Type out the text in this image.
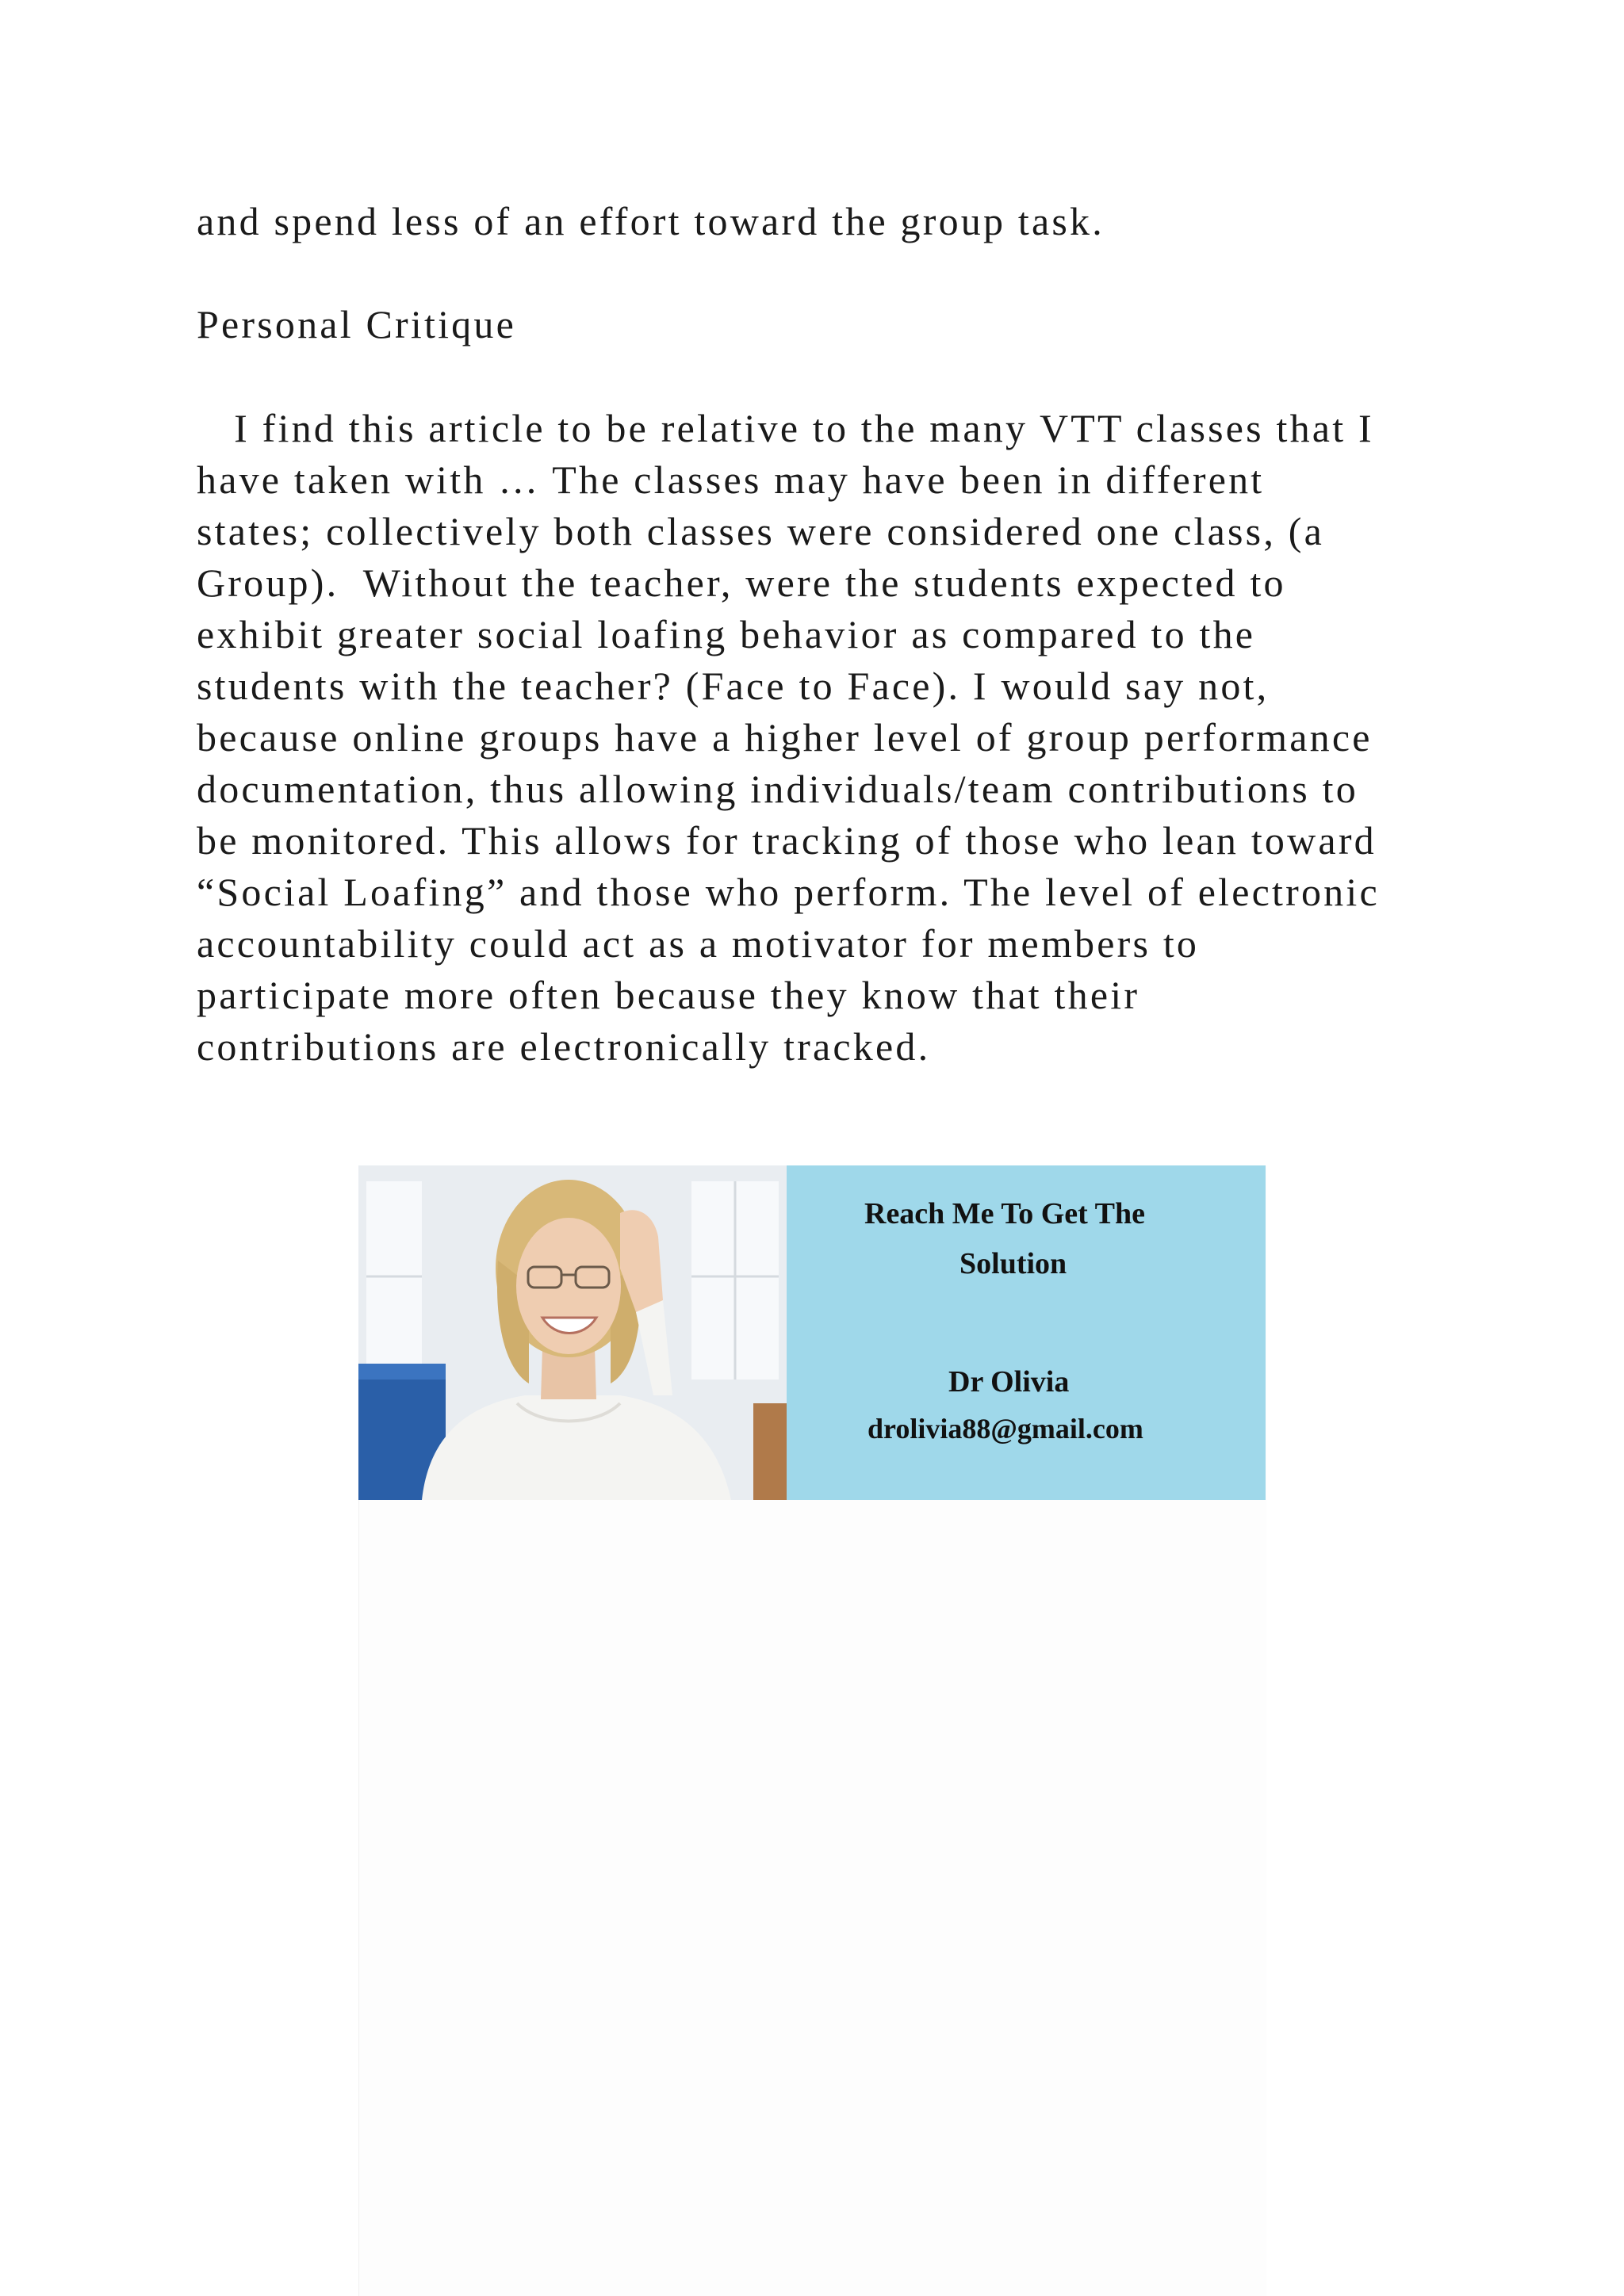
and spend less of an effort toward the group task.

Personal Critique

I find this article to be relative to the many VTT classes that I

have taken with … The classes may have been in different

states; collectively both classes were considered one class, (a

Group).  Without the teacher, were the students expected to

exhibit greater social loafing behavior as compared to the

students with the teacher? (Face to Face). I would say not,

because online groups have a higher level of group performance

documentation, thus allowing individuals/team contributions to

be monitored. This allows for tracking of those who lean toward

“Social Loafing” and those who perform. The level of electronic

accountability could act as a motivator for members to

participate more often because they know that their

contributions are electronically tracked.

Reach Me To Get The

Solution

Dr Olivia

drolivia88@gmail.com
